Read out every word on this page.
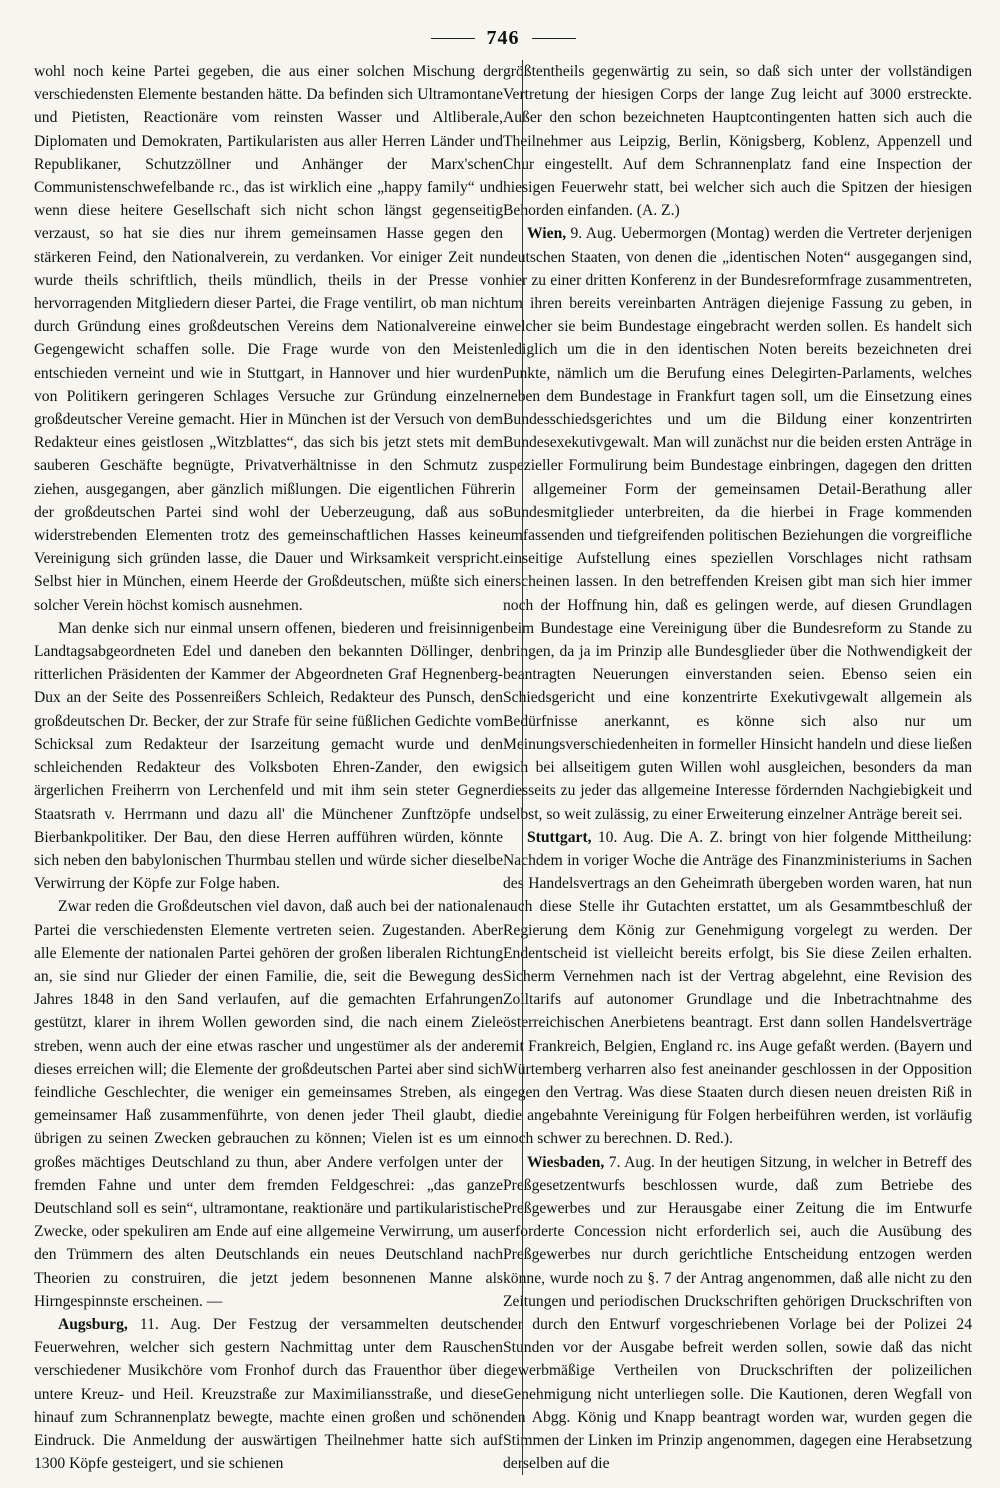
746

wohl noch keine Partei gegeben, die aus einer solchen Mischung der verschiedensten Elemente bestanden hätte. Da befinden sich Ultramontane und Pietisten, Reactionäre vom reinsten Wasser und Altliberale, Diplomaten und Demokraten, Partikularisten aus aller Herren Länder und Republikaner, Schutzzöllner und Anhänger der Marx'schen Communistenschwefelbande rc., das ist wirklich eine „happy family“ und wenn diese heitere Gesellschaft sich nicht schon längst gegenseitig verzaust, so hat sie dies nur ihrem gemeinsamen Hasse gegen den stärkeren Feind, den Nationalverein, zu verdanken. Vor einiger Zeit nun wurde theils schriftlich, theils mündlich, theils in der Presse von hervorragenden Mitgliedern dieser Partei, die Frage ventilirt, ob man nicht durch Gründung eines großdeutschen Vereins dem Nationalvereine ein Gegengewicht schaffen solle. Die Frage wurde von den Meisten entschieden verneint und wie in Stuttgart, in Hannover und hier wurden von Politikern geringeren Schlages Versuche zur Gründung einzelner großdeutscher Vereine gemacht. Hier in München ist der Versuch von dem Redakteur eines geistlosen „Witzblattes“, das sich bis jetzt stets mit dem sauberen Geschäfte begnügte, Privatverhältnisse in den Schmutz zu ziehen, ausgegangen, aber gänzlich mißlungen. Die eigentlichen Führer der großdeutschen Partei sind wohl der Ueberzeugung, daß aus so widerstrebenden Elementen trotz des gemeinschaftlichen Hasses keine Vereinigung sich gründen lasse, die Dauer und Wirksamkeit verspricht. Selbst hier in München, einem Heerde der Großdeutschen, müßte sich ein solcher Verein höchst komisch ausnehmen.

Man denke sich nur einmal unsern offenen, biederen und freisinnigen Landtagsabgeordneten Edel und daneben den bekannten Döllinger, den ritterlichen Präsidenten der Kammer der Abgeordneten Graf Hegnenberg-Dux an der Seite des Possenreißers Schleich, Redakteur des Punsch, den großdeutschen Dr. Becker, der zur Strafe für seine füßlichen Gedichte vom Schicksal zum Redakteur der Isarzeitung gemacht wurde und den schleichenden Redakteur des Volksboten Ehren-Zander, den ewig ärgerlichen Freiherrn von Lerchenfeld und mit ihm sein steter Gegner Staatsrath v. Herrmann und dazu all' die Münchener Zunftzöpfe und Bierbankpolitiker. Der Bau, den diese Herren aufführen würden, könnte sich neben den babylonischen Thurmbau stellen und würde sicher dieselbe Verwirrung der Köpfe zur Folge haben.

Zwar reden die Großdeutschen viel davon, daß auch bei der nationalen Partei die verschiedensten Elemente vertreten seien. Zugestanden. Aber alle Elemente der nationalen Partei gehören der großen liberalen Richtung an, sie sind nur Glieder der einen Familie, die, seit die Bewegung des Jahres 1848 in den Sand verlaufen, auf die gemachten Erfahrungen gestützt, klarer in ihrem Wollen geworden sind, die nach einem Ziele streben, wenn auch der eine etwas rascher und ungestümer als der andere dieses erreichen will; die Elemente der großdeutschen Partei aber sind sich feindliche Geschlechter, die weniger ein gemeinsames Streben, als ein gemeinsamer Haß zusammenführte, von denen jeder Theil glaubt, die übrigen zu seinen Zwecken gebrauchen zu können; Vielen ist es um ein großes mächtiges Deutschland zu thun, aber Andere verfolgen unter der fremden Fahne und unter dem fremden Feldgeschrei: „das ganze Deutschland soll es sein“, ultramontane, reaktionäre und partikularistische Zwecke, oder spekuliren am Ende auf eine allgemeine Verwirrung, um aus den Trümmern des alten Deutschlands ein neues Deutschland nach Theorien zu construiren, die jetzt jedem besonnenen Manne als Hirngespinnste erscheinen. —

Augsburg, 11. Aug. Der Festzug der versammelten deutschen Feuerwehren, welcher sich gestern Nachmittag unter dem Rauschen verschiedener Musikchöre vom Fronhof durch das Frauenthor über die untere Kreuz- und Heil. Kreuzstraße zur Maximiliansstraße, und diese hinauf zum Schrannenplatz bewegte, machte einen großen und schönen Eindruck. Die Anmeldung der auswärtigen Theilnehmer hatte sich auf 1300 Köpfe gesteigert, und sie schienen

größtentheils gegenwärtig zu sein, so daß sich unter der vollständigen Vertretung der hiesigen Corps der lange Zug leicht auf 3000 erstreckte. Außer den schon bezeichneten Hauptcontingenten hatten sich auch die Theilnehmer aus Leipzig, Berlin, Königsberg, Koblenz, Appenzell und Chur eingestellt. Auf dem Schrannenplatz fand eine Inspection der hiesigen Feuerwehr statt, bei welcher sich auch die Spitzen der hiesigen Behorden einfanden. (A. Z.)

Wien, 9. Aug. Uebermorgen (Montag) werden die Vertreter derjenigen deutschen Staaten, von denen die „identischen Noten“ ausgegangen sind, hier zu einer dritten Konferenz in der Bundesreformfrage zusammentreten, um ihren bereits vereinbarten Anträgen diejenige Fassung zu geben, in welcher sie beim Bundestage eingebracht werden sollen. Es handelt sich lediglich um die in den identischen Noten bereits bezeichneten drei Punkte, nämlich um die Berufung eines Delegirten-Parlaments, welches neben dem Bundestage in Frankfurt tagen soll, um die Einsetzung eines Bundesschiedsgerichtes und um die Bildung einer konzentrirten Bundesexekutivgewalt. Man will zunächst nur die beiden ersten Anträge in spezieller Formulirung beim Bundestage einbringen, dagegen den dritten in allgemeiner Form der gemeinsamen Detail-Berathung aller Bundesmitglieder unterbreiten, da die hierbei in Frage kommenden umfassenden und tiefgreifenden politischen Beziehungen die vorgreifliche einseitige Aufstellung eines speziellen Vorschlages nicht rathsam erscheinen lassen. In den betreffenden Kreisen gibt man sich hier immer noch der Hoffnung hin, daß es gelingen werde, auf diesen Grundlagen beim Bundestage eine Vereinigung über die Bundesreform zu Stande zu bringen, da ja im Prinzip alle Bundesglieder über die Nothwendigkeit der beantragten Neuerungen einverstanden seien. Ebenso seien ein Schiedsgericht und eine konzentrirte Exekutivgewalt allgemein als Bedürfnisse anerkannt, es könne sich also nur um Meinungsverschiedenheiten in formeller Hinsicht handeln und diese ließen sich bei allseitigem guten Willen wohl ausgleichen, besonders da man diesseits zu jeder das allgemeine Interesse fördernden Nachgiebigkeit und selbst, so weit zulässig, zu einer Erweiterung einzelner Anträge bereit sei.

Stuttgart, 10. Aug. Die A. Z. bringt von hier folgende Mittheilung: Nachdem in voriger Woche die Anträge des Finanzministeriums in Sachen des Handelsvertrags an den Geheimrath übergeben worden waren, hat nun auch diese Stelle ihr Gutachten erstattet, um als Gesammtbeschluß der Regierung dem König zur Genehmigung vorgelegt zu werden. Der Endentscheid ist vielleicht bereits erfolgt, bis Sie diese Zeilen erhalten. Sicherm Vernehmen nach ist der Vertrag abgelehnt, eine Revision des Zolltarifs auf autonomer Grundlage und die Inbetrachtnahme des österreichischen Anerbietens beantragt. Erst dann sollen Handelsverträge mit Frankreich, Belgien, England rc. ins Auge gefaßt werden. (Bayern und Würtemberg verharren also fest aneinander geschlossen in der Opposition gegen den Vertrag. Was diese Staaten durch diesen neuen dreisten Riß in die angebahnte Vereinigung für Folgen herbeiführen werden, ist vorläufig noch schwer zu berechnen. D. Red.).

Wiesbaden, 7. Aug. In der heutigen Sitzung, in welcher in Betreff des Preßgesetzentwurfs beschlossen wurde, daß zum Betriebe des Preßgewerbes und zur Herausgabe einer Zeitung die im Entwurfe erforderte Concession nicht erforderlich sei, auch die Ausübung des Preßgewerbes nur durch gerichtliche Entscheidung entzogen werden könne, wurde noch zu §. 7 der Antrag angenommen, daß alle nicht zu den Zeitungen und periodischen Druckschriften gehörigen Druckschriften von der durch den Entwurf vorgeschriebenen Vorlage bei der Polizei 24 Stunden vor der Ausgabe befreit werden sollen, sowie daß das nicht gewerbmäßige Vertheilen von Druckschriften der polizeilichen Genehmigung nicht unterliegen solle. Die Kautionen, deren Wegfall von den Abgg. König und Knapp beantragt worden war, wurden gegen die Stimmen der Linken im Prinzip angenommen, dagegen eine Herabsetzung derselben auf die
